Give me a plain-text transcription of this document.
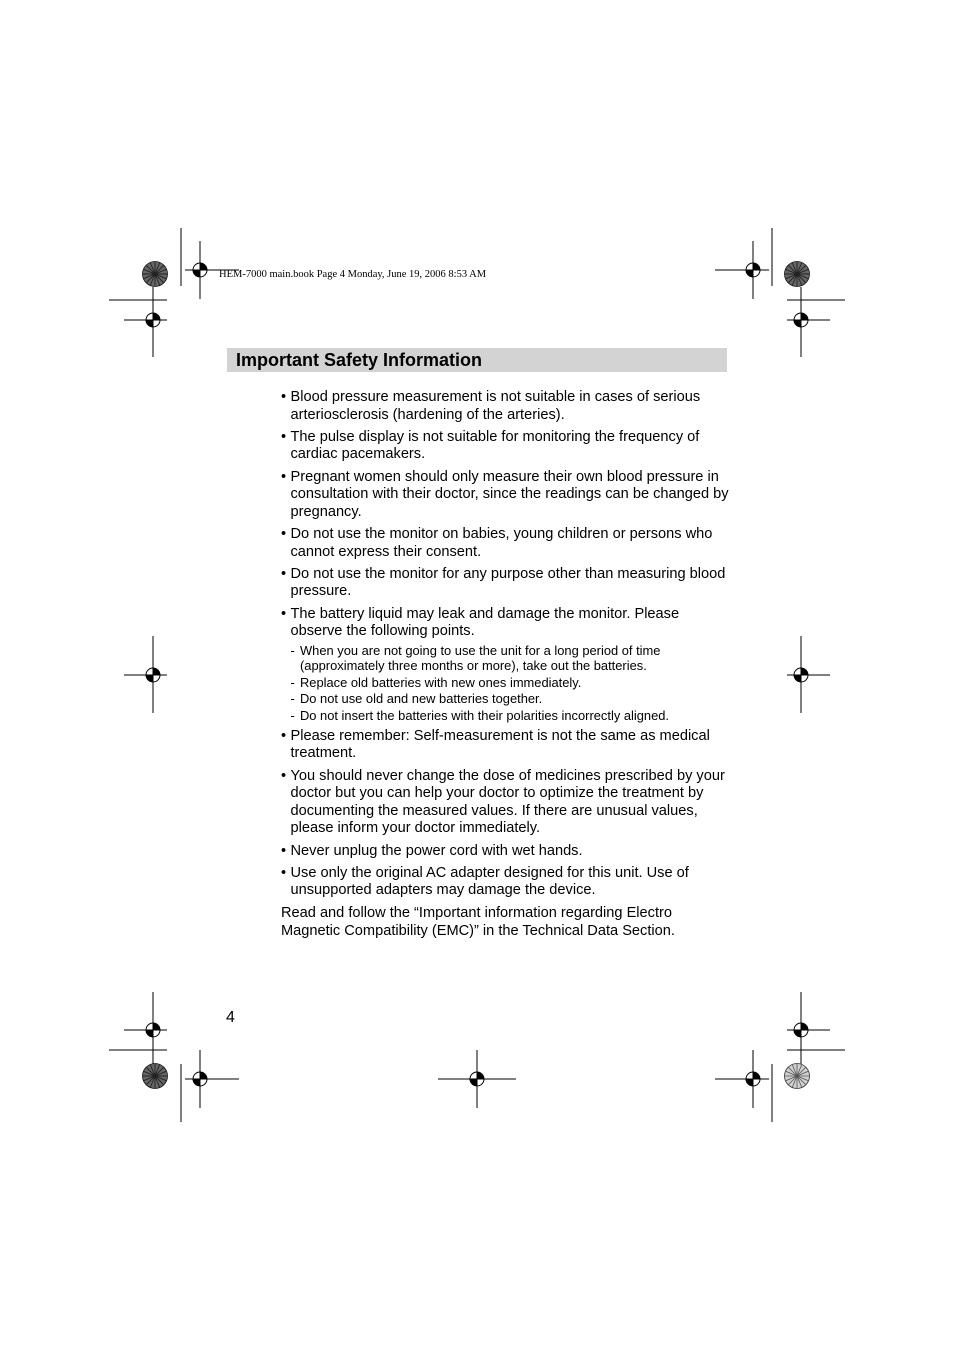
HEM-7000 main.book Page 4 Monday, June 19, 2006 8:53 AM
Important Safety Information
• Blood pressure measurement is not suitable in cases of serious arteriosclerosis (hardening of the arteries).
• The pulse display is not suitable for monitoring the frequency of cardiac pacemakers.
• Pregnant women should only measure their own blood pressure in consultation with their doctor, since the readings can be changed by pregnancy.
• Do not use the monitor on babies, young children or persons who cannot express their consent.
• Do not use the monitor for any purpose other than measuring blood pressure.
• The battery liquid may leak and damage the monitor. Please observe the following points.
- When you are not going to use the unit for a long period of time (approximately three months or more), take out the batteries.
- Replace old batteries with new ones immediately.
- Do not use old and new batteries together.
- Do not insert the batteries with their polarities incorrectly aligned.
• Please remember: Self-measurement is not the same as medical treatment.
• You should never change the dose of medicines prescribed by your doctor but you can help your doctor to optimize the treatment by documenting the measured values. If there are unusual values, please inform your doctor immediately.
• Never unplug the power cord with wet hands.
• Use only the original AC adapter designed for this unit. Use of unsupported adapters may damage the device.

Read and follow the “Important information regarding Electro Magnetic Compatibility (EMC)” in the Technical Data Section.

4
